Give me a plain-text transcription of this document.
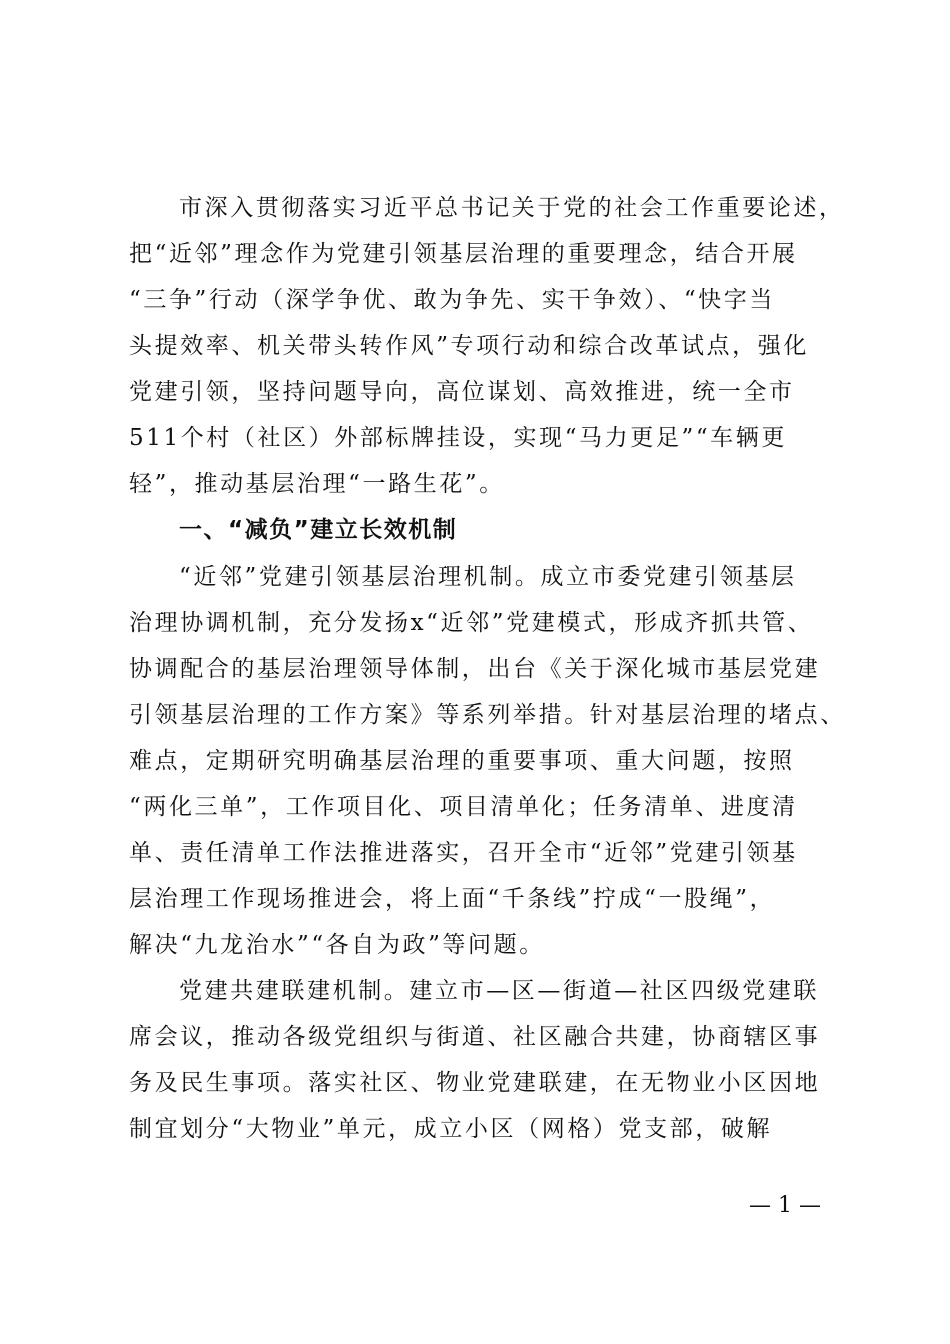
市深入贯彻落实习近平总书记关于党的社会工作重要论述，
把“近邻”理念作为党建引领基层治理的重要理念，结合开展
“三争”行动（深学争优、敢为争先、实干争效）、“快字当
头提效率、机关带头转作风”专项行动和综合改革试点，强化
党建引领，坚持问题导向，高位谋划、高效推进，统一全市
511个村（社区）外部标牌挂设，实现“马力更足”“车辆更
轻”，推动基层治理“一路生花”。
一、“减负”建立长效机制
“近邻”党建引领基层治理机制。成立市委党建引领基层
治理协调机制，充分发扬x“近邻”党建模式，形成齐抓共管、
协调配合的基层治理领导体制，出台《关于深化城市基层党建
引领基层治理的工作方案》等系列举措。针对基层治理的堵点、
难点，定期研究明确基层治理的重要事项、重大问题，按照
“两化三单”，工作项目化、项目清单化；任务清单、进度清
单、责任清单工作法推进落实，召开全市“近邻”党建引领基
层治理工作现场推进会，将上面“千条线”拧成“一股绳”，
解决“九龙治水”“各自为政”等问题。
党建共建联建机制。建立市—区—街道—社区四级党建联
席会议，推动各级党组织与街道、社区融合共建，协商辖区事
务及民生事项。落实社区、物业党建联建，在无物业小区因地
制宜划分“大物业”单元，成立小区（网格）党支部，破解
— 1 —
